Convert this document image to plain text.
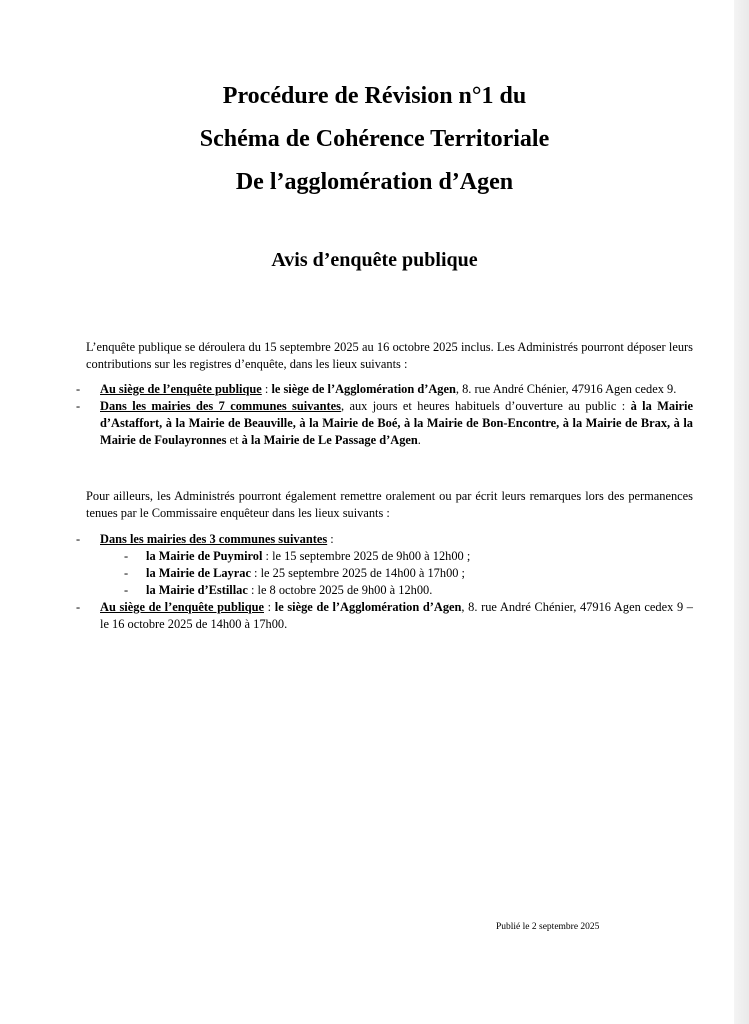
Procédure de Révision n°1 du
Schéma de Cohérence Territoriale
De l’agglomération d’Agen
Avis d’enquête publique
L’enquête publique se déroulera du 15 septembre 2025 au 16 octobre 2025 inclus. Les Administrés pourront déposer leurs contributions sur les registres d’enquête, dans les lieux suivants :
- Au siège de l’enquête publique : le siège de l’Agglomération d’Agen, 8. rue André Chénier, 47916 Agen cedex 9.
- Dans les mairies des 7 communes suivantes, aux jours et heures habituels d’ouverture au public : à la Mairie d’Astaffort, à la Mairie de Beauville, à la Mairie de Boé, à la Mairie de Bon-Encontre, à la Mairie de Brax, à la Mairie de Foulayronnes et à la Mairie de Le Passage d’Agen.
Pour ailleurs, les Administrés pourront également remettre oralement ou par écrit leurs remarques lors des permanences tenues par le Commissaire enquêteur dans les lieux suivants :
- Dans les mairies des 3 communes suivantes :
- la Mairie de Puymirol : le 15 septembre 2025 de 9h00 à 12h00 ;
- la Mairie de Layrac : le 25 septembre 2025 de 14h00 à 17h00 ;
- la Mairie d’Estillac : le 8 octobre 2025 de 9h00 à 12h00.
- Au siège de l’enquête publique : le siège de l’Agglomération d’Agen, 8. rue André Chénier, 47916 Agen cedex 9 – le 16 octobre 2025 de 14h00 à 17h00.
Publié le 2 septembre 2025
